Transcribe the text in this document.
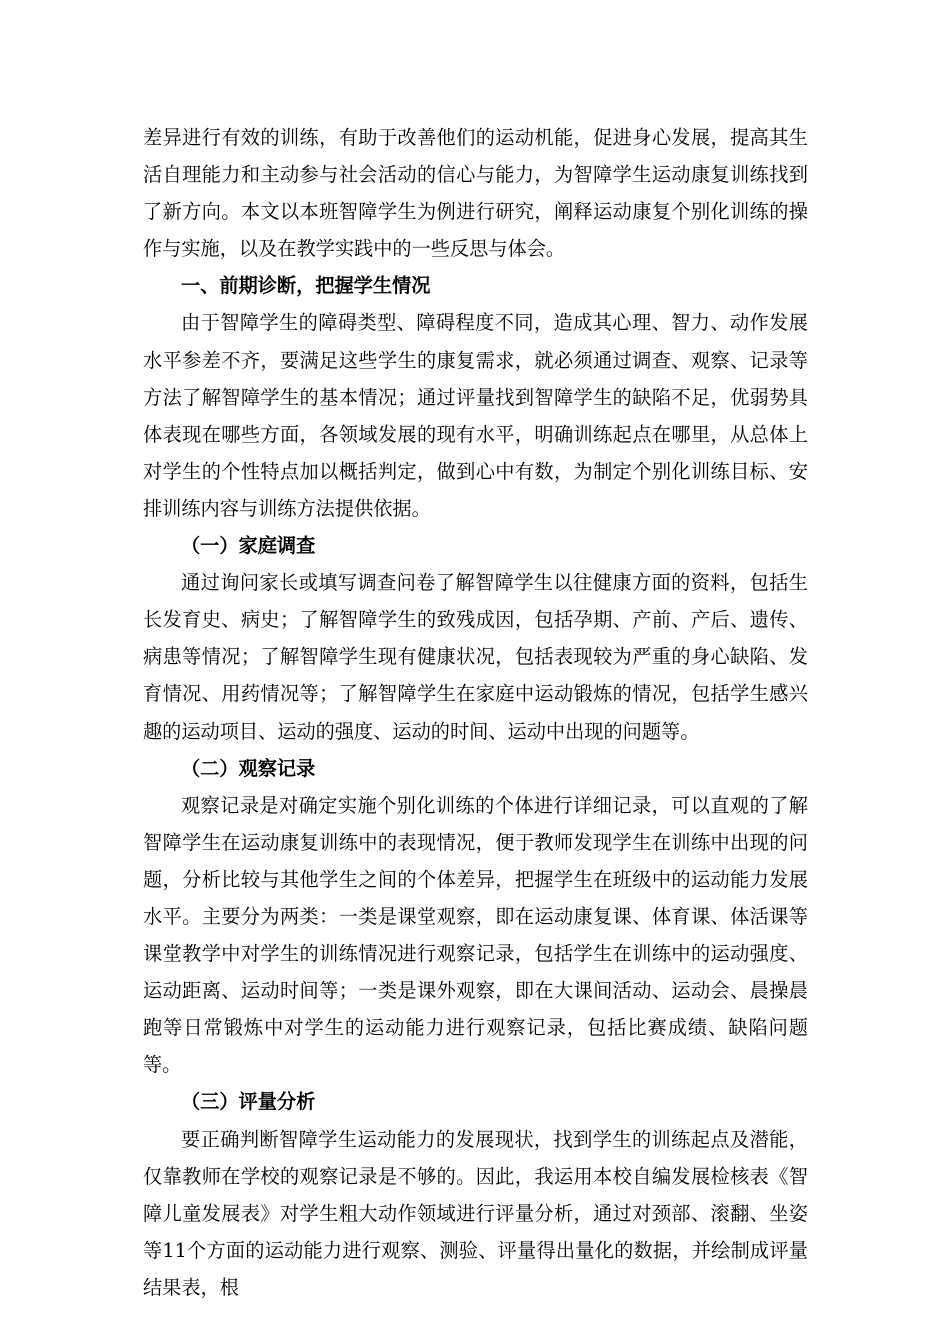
差异进行有效的训练，有助于改善他们的运动机能，促进身心发展，提高其生活自理能力和主动参与社会活动的信心与能力，为智障学生运动康复训练找到了新方向。本文以本班智障学生为例进行研究，阐释运动康复个别化训练的操作与实施，以及在教学实践中的一些反思与体会。

一、前期诊断，把握学生情况

由于智障学生的障碍类型、障碍程度不同，造成其心理、智力、动作发展水平参差不齐，要满足这些学生的康复需求，就必须通过调查、观察、记录等方法了解智障学生的基本情况；通过评量找到智障学生的缺陷不足，优弱势具体表现在哪些方面，各领域发展的现有水平，明确训练起点在哪里，从总体上对学生的个性特点加以概括判定，做到心中有数，为制定个别化训练目标、安排训练内容与训练方法提供依据。

（一）家庭调查

通过询问家长或填写调查问卷了解智障学生以往健康方面的资料，包括生长发育史、病史；了解智障学生的致残成因，包括孕期、产前、产后、遗传、病患等情况；了解智障学生现有健康状况，包括表现较为严重的身心缺陷、发育情况、用药情况等；了解智障学生在家庭中运动锻炼的情况，包括学生感兴趣的运动项目、运动的强度、运动的时间、运动中出现的问题等。

（二）观察记录

观察记录是对确定实施个别化训练的个体进行详细记录，可以直观的了解智障学生在运动康复训练中的表现情况，便于教师发现学生在训练中出现的问题，分析比较与其他学生之间的个体差异，把握学生在班级中的运动能力发展水平。主要分为两类：一类是课堂观察，即在运动康复课、体育课、体活课等课堂教学中对学生的训练情况进行观察记录，包括学生在训练中的运动强度、运动距离、运动时间等；一类是课外观察，即在大课间活动、运动会、晨操晨跑等日常锻炼中对学生的运动能力进行观察记录，包括比赛成绩、缺陷问题等。

（三）评量分析

要正确判断智障学生运动能力的发展现状，找到学生的训练起点及潜能，仅靠教师在学校的观察记录是不够的。因此，我运用本校自编发展检核表《智障儿童发展表》对学生粗大动作领域进行评量分析，通过对颈部、滚翻、坐姿等11个方面的运动能力进行观察、测验、评量得出量化的数据，并绘制成评量结果表，根
